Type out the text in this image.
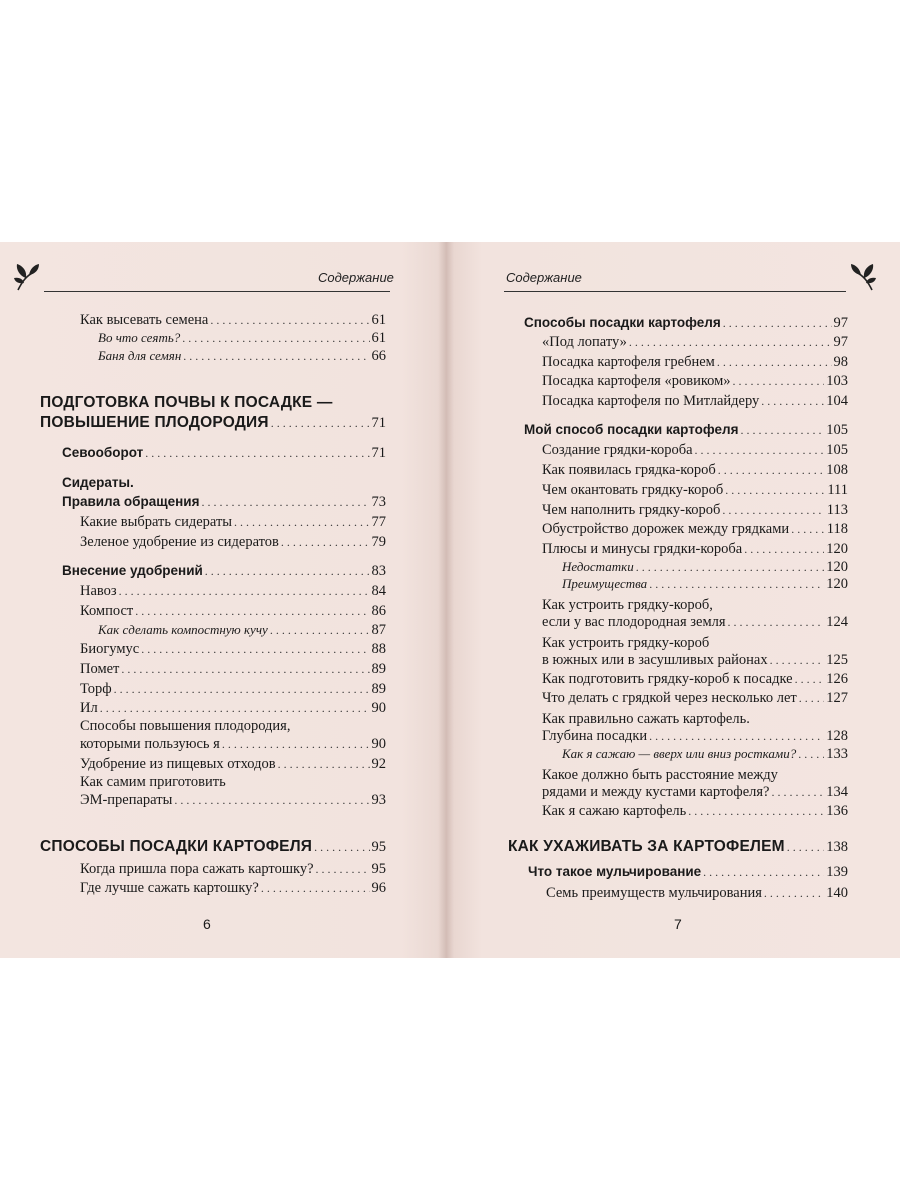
Содержание
Как высевать семена . . .	61
Во что сеять? . . .	61
Баня для семян . . .	66
ПОДГОТОВКА ПОЧВЫ К ПОСАДКЕ —
ПОВЫШЕНИЕ ПЛОДОРОДИЯ . . .	71
Севооборот . . .	71
Сидераты.
Правила обращения . . .	73
Какие выбрать сидераты . . .	77
Зеленое удобрение из сидератов . . .	79
Внесение удобрений . . .	83
Навоз . . .	84
Компост . . .	86
Как сделать компостную кучу . . .	87
Биогумус . . .	88
Помет . . .	89
Торф . . .	89
Ил . . .	90
Способы повышения плодородия,
которыми пользуюсь я . . .	90
Удобрение из пищевых отходов . . .	92
Как самим приготовить
ЭМ-препараты . . .	93
СПОСОБЫ ПОСАДКИ КАРТОФЕЛЯ . . .	95
Когда пришла пора сажать картошку? . . .	95
Где лучше сажать картошку? . . .	96
6
Содержание
Способы посадки картофеля . . .	97
«Под лопату» . . .	97
Посадка картофеля гребнем . . .	98
Посадка картофеля «ровиком» . . .	103
Посадка картофеля по Митлайдеру . . .	104
Мой способ посадки картофеля . . .	105
Создание грядки-короба . . .	105
Как появилась грядка-короб . . .	108
Чем окантовать грядку-короб . . .	111
Чем наполнить грядку-короб . . .	113
Обустройство дорожек между грядками . . .	118
Плюсы и минусы грядки-короба . . .	120
Недостатки . . .	120
Преимущества . . .	120
Как устроить грядку-короб,
если у вас плодородная земля . . .	124
Как устроить грядку-короб
в южных или в засушливых районах . . .	125
Как подготовить грядку-короб к посадке . . . 126
Что делать с грядкой через несколько лет . . . 127
Как правильно сажать картофель.
Глубина посадки . . .	128
Как я сажаю — вверх или вниз ростками? . . . 133
Какое должно быть расстояние между
рядами и между кустами картофеля? . . .	134
Как я сажаю картофель . . .	136
КАК УХАЖИВАТЬ ЗА КАРТОФЕЛЕМ . . .	138
Что такое мульчирование . . .	139
Семь преимуществ мульчирования . . .	140
7
